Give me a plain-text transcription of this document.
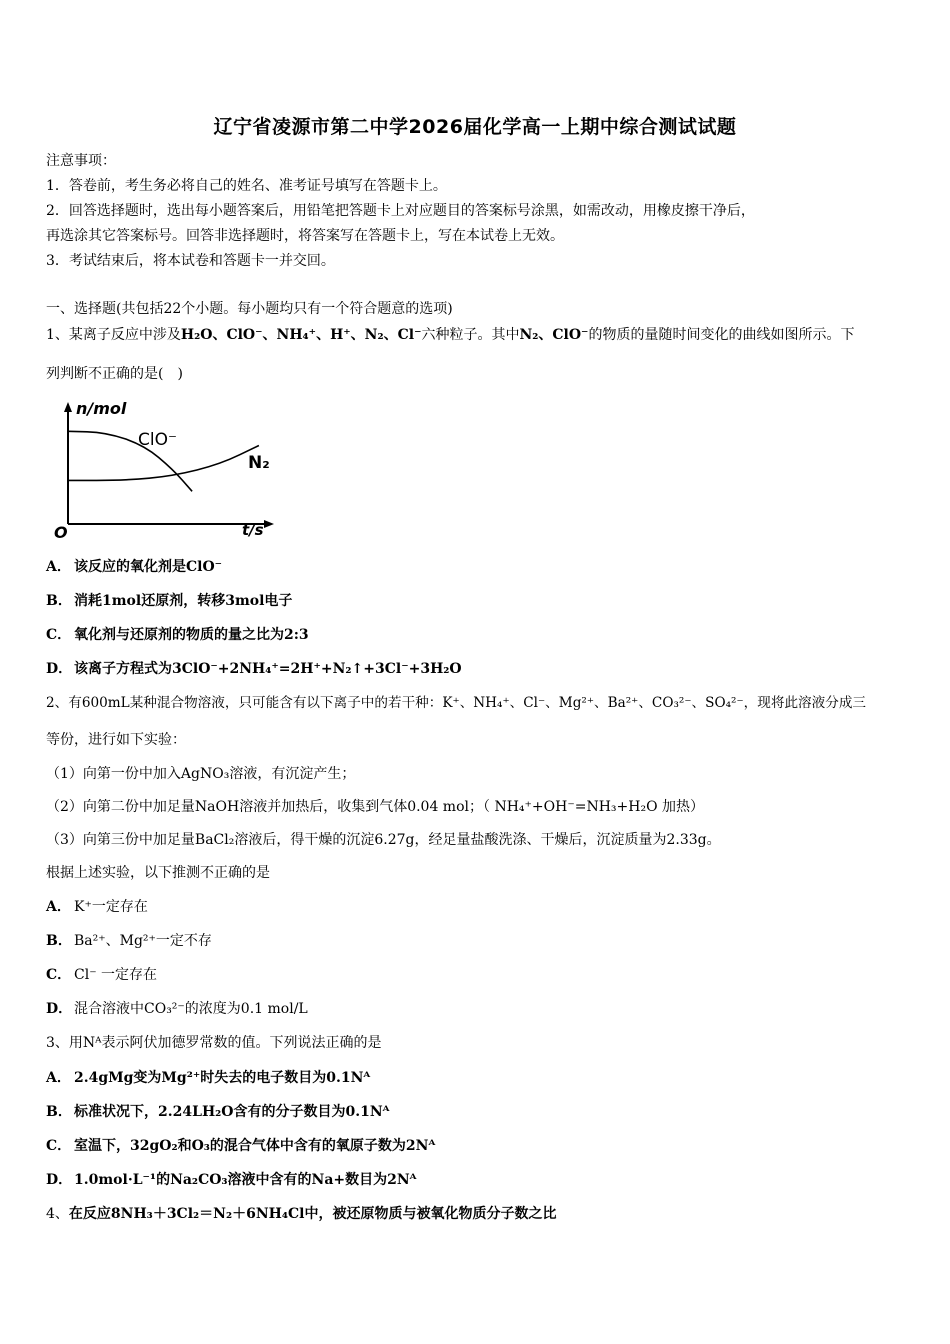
辽宁省凌源市第二中学2026届化学高一上期中综合测试试题
注意事项：
1．答卷前，考生务必将自己的姓名、准考证号填写在答题卡上。
2．回答选择题时，选出每小题答案后，用铅笔把答题卡上对应题目的答案标号涂黑，如需改动，用橡皮擦干净后，
再选涂其它答案标号。回答非选择题时，将答案写在答题卡上，写在本试卷上无效。
3．考试结束后，将本试卷和答题卡一并交回。
一、选择题(共包括22个小题。每小题均只有一个符合题意的选项)
1、某离子反应中涉及H₂O、ClO⁻、NH₄⁺、H⁺、N₂、Cl⁻六种粒子。其中N₂、ClO⁻的物质的量随时间变化的曲线如图所示。下
列判断不正确的是(　)
n/mol
t/s
O
ClO⁻
N₂
A． 该反应的氧化剂是ClO⁻
B． 消耗1mol还原剂，转移3mol电子
C． 氧化剂与还原剂的物质的量之比为2:3
D． 该离子方程式为3ClO⁻+2NH₄⁺=2H⁺+N₂↑+3Cl⁻+3H₂O
2、有600mL某种混合物溶液，只可能含有以下离子中的若干种：K⁺、NH₄⁺、Cl⁻、Mg²⁺、Ba²⁺、CO₃²⁻、SO₄²⁻，现将此溶液分成三
等份，进行如下实验：
（1）向第一份中加入AgNO₃溶液，有沉淀产生；
（2）向第二份中加足量NaOH溶液并加热后，收集到气体0.04 mol；（ NH₄⁺+OH⁻=NH₃+H₂O 加热）
（3）向第三份中加足量BaCl₂溶液后，得干燥的沉淀6.27g，经足量盐酸洗涤、干燥后，沉淀质量为2.33g。
根据上述实验，以下推测不正确的是
A． K⁺一定存在
B． Ba²⁺、Mg²⁺一定不存
C． Cl⁻ 一定存在
D． 混合溶液中CO₃²⁻的浓度为0.1 mol/L
3、用Nᴬ表示阿伏加德罗常数的值。下列说法正确的是
A． 2.4gMg变为Mg²⁺时失去的电子数目为0.1Nᴬ
B． 标准状况下，2.24LH₂O含有的分子数目为0.1Nᴬ
C． 室温下，32gO₂和O₃的混合气体中含有的氧原子数为2Nᴬ
D． 1.0mol·L⁻¹的Na₂CO₃溶液中含有的Na+数目为2Nᴬ
4、在反应8NH₃＋3Cl₂＝N₂＋6NH₄Cl中，被还原物质与被氧化物质分子数之比
